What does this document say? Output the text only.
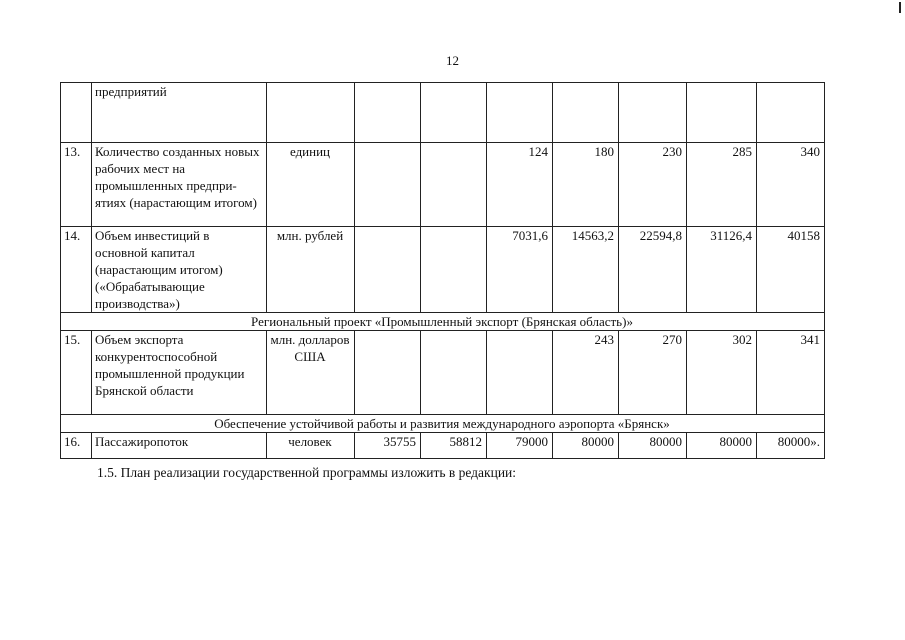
12
	предприятий								
13.	Количество созданных новых рабочих мест на промышленных предприятиях (нарастающим итогом)	единиц			124	180	230	285	340
14.	Объем инвестиций в основной капитал (нарастающим итогом) («Обрабатывающие производства»)	млн. рублей			7031,6	14563,2	22594,8	31126,4	40158
Региональный проект «Промышленный экспорт (Брянская область)»									
15.	Объем экспорта конкурентоспособной промышленной продукции Брянской области	млн. долларов США				243	270	302	341
Обеспечение устойчивой работы и развития международного аэропорта «Брянск»									
16.	Пассажиропоток	человек	35755	58812	79000	80000	80000	80000	80000».
1.5. План реализации государственной программы изложить в редакции:
